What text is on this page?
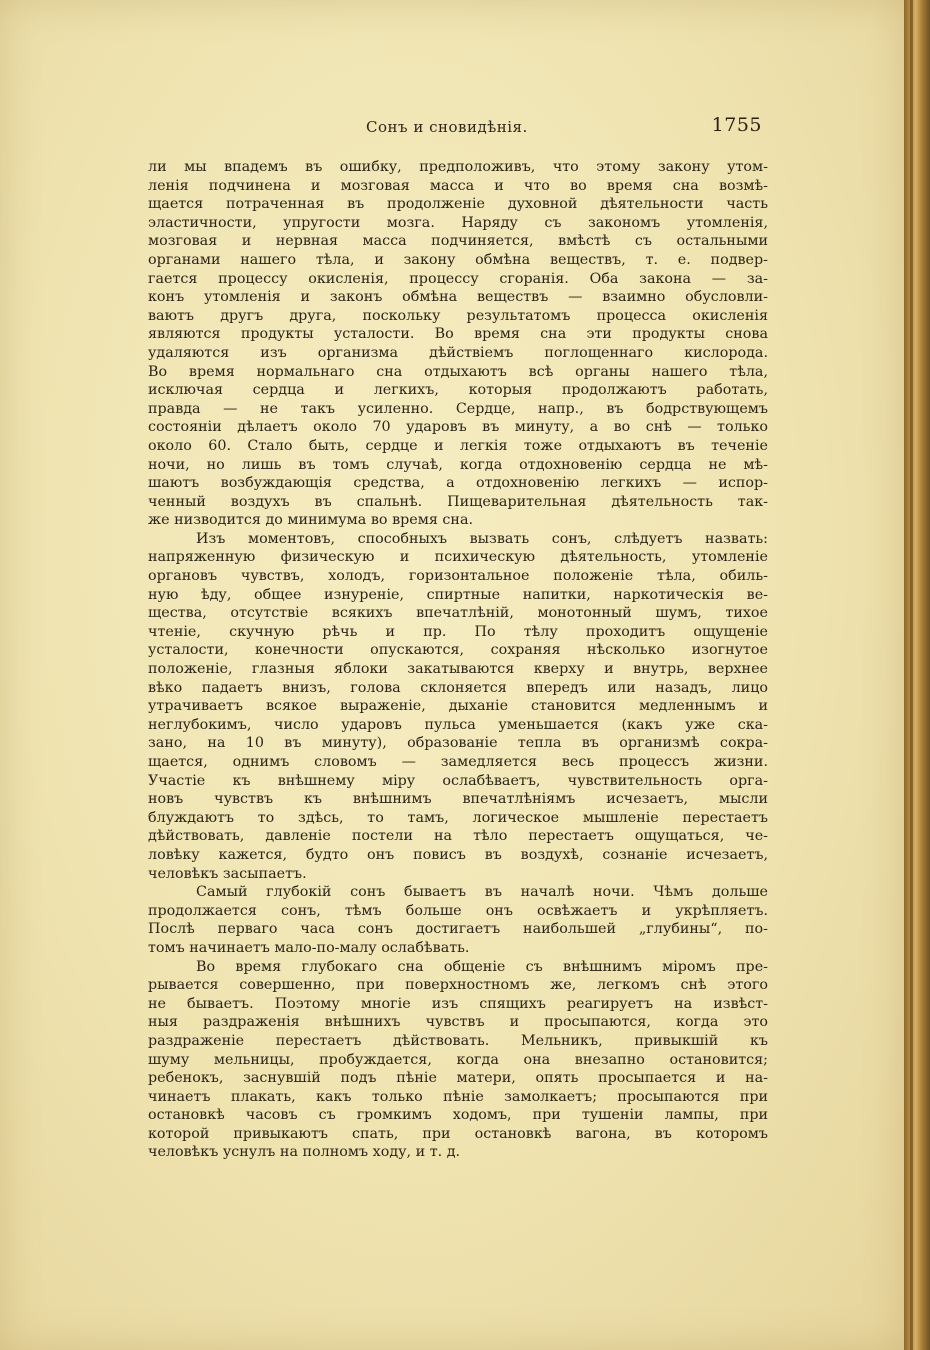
Сонъ и сновидѣнія.	1755
ли мы впадемъ въ ошибку, предположивъ, что этому закону утом-
ленія подчинена и мозговая масса и что во время сна возмѣ-
щается потраченная въ продолженіе духовной дѣятельности часть
эластичности, упругости мозга. Наряду съ закономъ утомленія,
мозговая и нервная масса подчиняется, вмѣстѣ съ остальными
органами нашего тѣла, и закону обмѣна веществъ, т. е. подвер-
гается процессу окисленія, процессу сгоранія. Оба закона — за-
конъ утомленія и законъ обмѣна веществъ — взаимно обусловли-
ваютъ другъ друга, поскольку результатомъ процесса окисленія
являются продукты усталости. Во время сна эти продукты снова
удаляются изъ организма дѣйствіемъ поглощеннаго кислорода.
Во время нормальнаго сна отдыхаютъ всѣ органы нашего тѣла,
исключая сердца и легкихъ, которыя продолжаютъ работать,
правда — не такъ усиленно. Сердце, напр., въ бодрствующемъ
состояніи дѣлаетъ около 70 ударовъ въ минуту, а во снѣ — только
около 60. Стало быть, сердце и легкія тоже отдыхаютъ въ теченіе
ночи, но лишь въ томъ случаѣ, когда отдохновенію сердца не мѣ-
шаютъ возбуждающія средства, а отдохновенію легкихъ — испор-
ченный воздухъ въ спальнѣ. Пищеварительная дѣятельность так-
же низводится до минимума во время сна.
Изъ моментовъ, способныхъ вызвать сонъ, слѣдуетъ назвать:
напряженную физическую и психическую дѣятельность, утомленіе
органовъ чувствъ, холодъ, горизонтальное положеніе тѣла, обиль-
ную ѣду, общее изнуреніе, спиртные напитки, наркотическія ве-
щества, отсутствіе всякихъ впечатлѣній, монотонный шумъ, тихое
чтеніе, скучную рѣчь и пр. По тѣлу проходитъ ощущеніе
усталости, конечности опускаются, сохраняя нѣсколько изогнутое
положеніе, глазныя яблоки закатываются кверху и внутрь, верхнее
вѣко падаетъ внизъ, голова склоняется впередъ или назадъ, лицо
утрачиваетъ всякое выраженіе, дыханіе становится медленнымъ и
неглубокимъ, число ударовъ пульса уменьшается (какъ уже ска-
зано, на 10 въ минуту), образованіе тепла въ организмѣ сокра-
щается, однимъ словомъ — замедляется весь процессъ жизни.
Участіе къ внѣшнему міру ослабѣваетъ, чувствительность орга-
новъ чувствъ къ внѣшнимъ впечатлѣніямъ исчезаетъ, мысли
блуждаютъ то здѣсь, то тамъ, логическое мышленіе перестаетъ
дѣйствовать, давленіе постели на тѣло перестаетъ ощущаться, че-
ловѣку кажется, будто онъ повисъ въ воздухѣ, сознаніе исчезаетъ,
человѣкъ засыпаетъ.
Самый глубокій сонъ бываетъ въ началѣ ночи. Чѣмъ дольше
продолжается сонъ, тѣмъ больше онъ освѣжаетъ и укрѣпляетъ.
Послѣ перваго часа сонъ достигаетъ наибольшей „глубины“, по-
томъ начинаетъ мало-по-малу ослабѣвать.
Во время глубокаго сна общеніе съ внѣшнимъ міромъ пре-
рывается совершенно, при поверхностномъ же, легкомъ снѣ этого
не бываетъ. Поэтому многіе изъ спящихъ реагируетъ на извѣст-
ныя раздраженія внѣшнихъ чувствъ и просыпаются, когда это
раздраженіе перестаетъ дѣйствовать. Мельникъ, привыкшій къ
шуму мельницы, пробуждается, когда она внезапно остановится;
ребенокъ, заснувшій подъ пѣніе матери, опять просыпается и на-
чинаетъ плакать, какъ только пѣніе замолкаетъ; просыпаются при
остановкѣ часовъ съ громкимъ ходомъ, при тушеніи лампы, при
которой привыкаютъ спать, при остановкѣ вагона, въ которомъ
человѣкъ уснулъ на полномъ ходу, и т. д.
